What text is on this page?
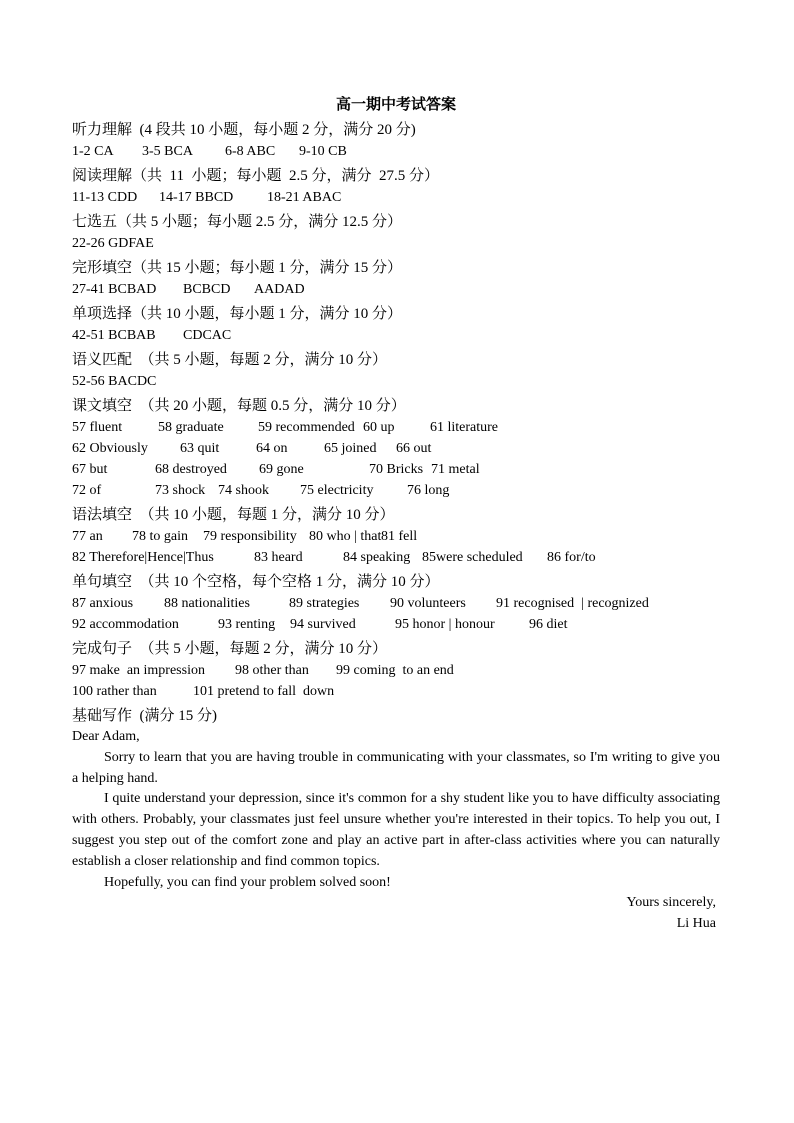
高一期中考试答案
听力理解  (4 段共 10 小题，每小题 2 分，满分 20 分)
1-2 CA 3-5 BCA 6-8 ABC 9-10 CB
阅读理解（共  11  小题；每小题  2.5 分，满分  27.5 分）
11-13 CDD 14-17 BBCD 18-21 ABAC
七选五（共 5 小题；每小题 2.5 分，满分 12.5 分）
22-26 GDFAE
完形填空（共 15 小题；每小题 1 分，满分 15 分）
27-41 BCBAD BCBCD AADAD
单项选择（共 10 小题，每小题 1 分，满分 10 分）
42-51 BCBAB CDCAC
语义匹配  （共 5 小题，每题 2 分，满分 10 分）
52-56 BACDC
课文填空  （共 20 小题，每题 0.5 分，满分 10 分）
57 fluent	58 graduate 59 recommended 60 up	61 literature
62 Obviously 63 quit	64 on	65 joined 66 out
67 but	68 destroyed 69 gone	70 Bricks 71 metal
72 of	73 shock 74 shook 75 electricity 76 long
语法填空  （共 10 小题，每题 1 分，满分 10 分）
77 an 78 to gain 79 responsibility 80 who | that 81 fell
82 Therefore|Hence|Thus	83 heard	84 speaking 85were scheduled 86 for/to
单句填空  （共 10 个空格，每个空格 1 分，满分 10 分）
87 anxious 88 nationalities	89 strategies 90 volunteers 91 recognised  | recognized
92 accommodation	93 renting 94 survived	95 honor | honour 96 diet
完成句子  （共 5 小题，每题 2 分，满分 10 分）
97 make  an impression 98 other than 99 coming  to an end
100 rather than	101 pretend to fall  down
基础写作  (满分 15 分)

Dear Adam,

Sorry to learn that you are having trouble in communicating with your classmates, so I'm writing to give you a helping hand.

I quite understand your depression, since it's common for a shy student like you to have difficulty associating with others. Probably, your classmates just feel unsure whether you're interested in their topics. To help you out, I suggest you step out of the comfort zone and play an active part in after-class activities where you can naturally establish a closer relationship and find common topics.

Hopefully, you can find your problem solved soon!

Yours sincerely,
Li Hua
